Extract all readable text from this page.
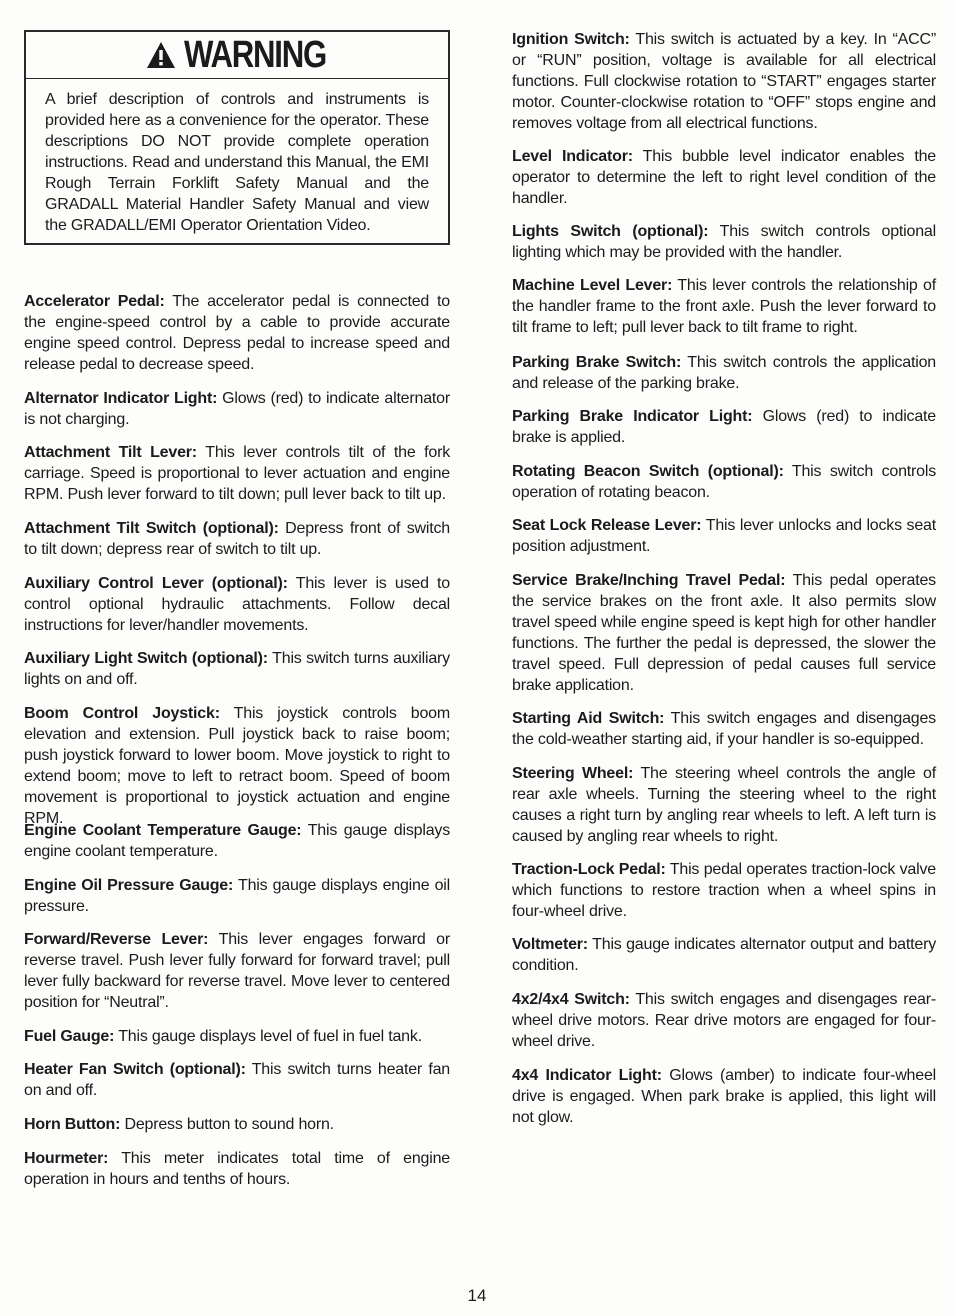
WARNING
A brief description of controls and instruments is provided here as a convenience for the operator. These descriptions DO NOT provide complete operation instructions. Read and understand this Manual, the EMI Rough Terrain Forklift Safety Manual and the GRADALL Material Handler Safety Manual and view the GRADALL/EMI Operator Orientation Video.
Accelerator Pedal: The accelerator pedal is connected to the engine-speed control by a cable to provide accurate engine speed control. Depress pedal to increase speed and release pedal to decrease speed.
Alternator Indicator Light: Glows (red) to indicate alternator is not charging.
Attachment Tilt Lever: This lever controls tilt of the fork carriage. Speed is proportional to lever actuation and engine RPM. Push lever forward to tilt down; pull lever back to tilt up.
Attachment Tilt Switch (optional): Depress front of switch to tilt down; depress rear of switch to tilt up.
Auxiliary Control Lever (optional): This lever is used to control optional hydraulic attachments. Follow decal instructions for lever/handler movements.
Auxiliary Light Switch (optional): This switch turns auxiliary lights on and off.
Boom Control Joystick: This joystick controls boom elevation and extension. Pull joystick back to raise boom; push joystick forward to lower boom. Move joystick to right to extend boom; move to left to retract boom. Speed of boom movement is proportional to joystick actuation and engine RPM.
Engine Coolant Temperature Gauge: This gauge displays engine coolant temperature.
Engine Oil Pressure Gauge: This gauge displays engine oil pressure.
Forward/Reverse Lever: This lever engages forward or reverse travel. Push lever fully forward for forward travel; pull lever fully backward for reverse travel. Move lever to centered position for “Neutral”.
Fuel Gauge: This gauge displays level of fuel in fuel tank.
Heater Fan Switch (optional): This switch turns heater fan on and off.
Horn Button: Depress button to sound horn.
Hourmeter: This meter indicates total time of engine operation in hours and tenths of hours.
Ignition Switch: This switch is actuated by a key. In “ACC” or “RUN” position, voltage is available for all electrical functions. Full clockwise rotation to “START” engages starter motor. Counter-clockwise rotation to “OFF” stops engine and removes voltage from all electrical functions.
Level Indicator: This bubble level indicator enables the operator to determine the left to right level condition of the handler.
Lights Switch (optional): This switch controls optional lighting which may be provided with the handler.
Machine Level Lever: This lever controls the relationship of the handler frame to the front axle. Push the lever forward to tilt frame to left; pull lever back to tilt frame to right.
Parking Brake Switch: This switch controls the application and release of the parking brake.
Parking Brake Indicator Light: Glows (red) to indicate brake is applied.
Rotating Beacon Switch (optional): This switch controls operation of rotating beacon.
Seat Lock Release Lever: This lever unlocks and locks seat position adjustment.
Service Brake/Inching Travel Pedal: This pedal operates the service brakes on the front axle. It also permits slow travel speed while engine speed is kept high for other handler functions. The further the pedal is depressed, the slower the travel speed. Full depression of pedal causes full service brake application.
Starting Aid Switch: This switch engages and disengages the cold-weather starting aid, if your handler is so-equipped.
Steering Wheel: The steering wheel controls the angle of rear axle wheels. Turning the steering wheel to the right causes a right turn by angling rear wheels to left. A left turn is caused by angling rear wheels to right.
Traction-Lock Pedal: This pedal operates traction-lock valve which functions to restore traction when a wheel spins in four-wheel drive.
Voltmeter: This gauge indicates alternator output and battery condition.
4x2/4x4 Switch: This switch engages and disengages rear-wheel drive motors. Rear drive motors are engaged for four-wheel drive.
4x4 Indicator Light: Glows (amber) to indicate four-wheel drive is engaged. When park brake is applied, this light will not glow.
14
